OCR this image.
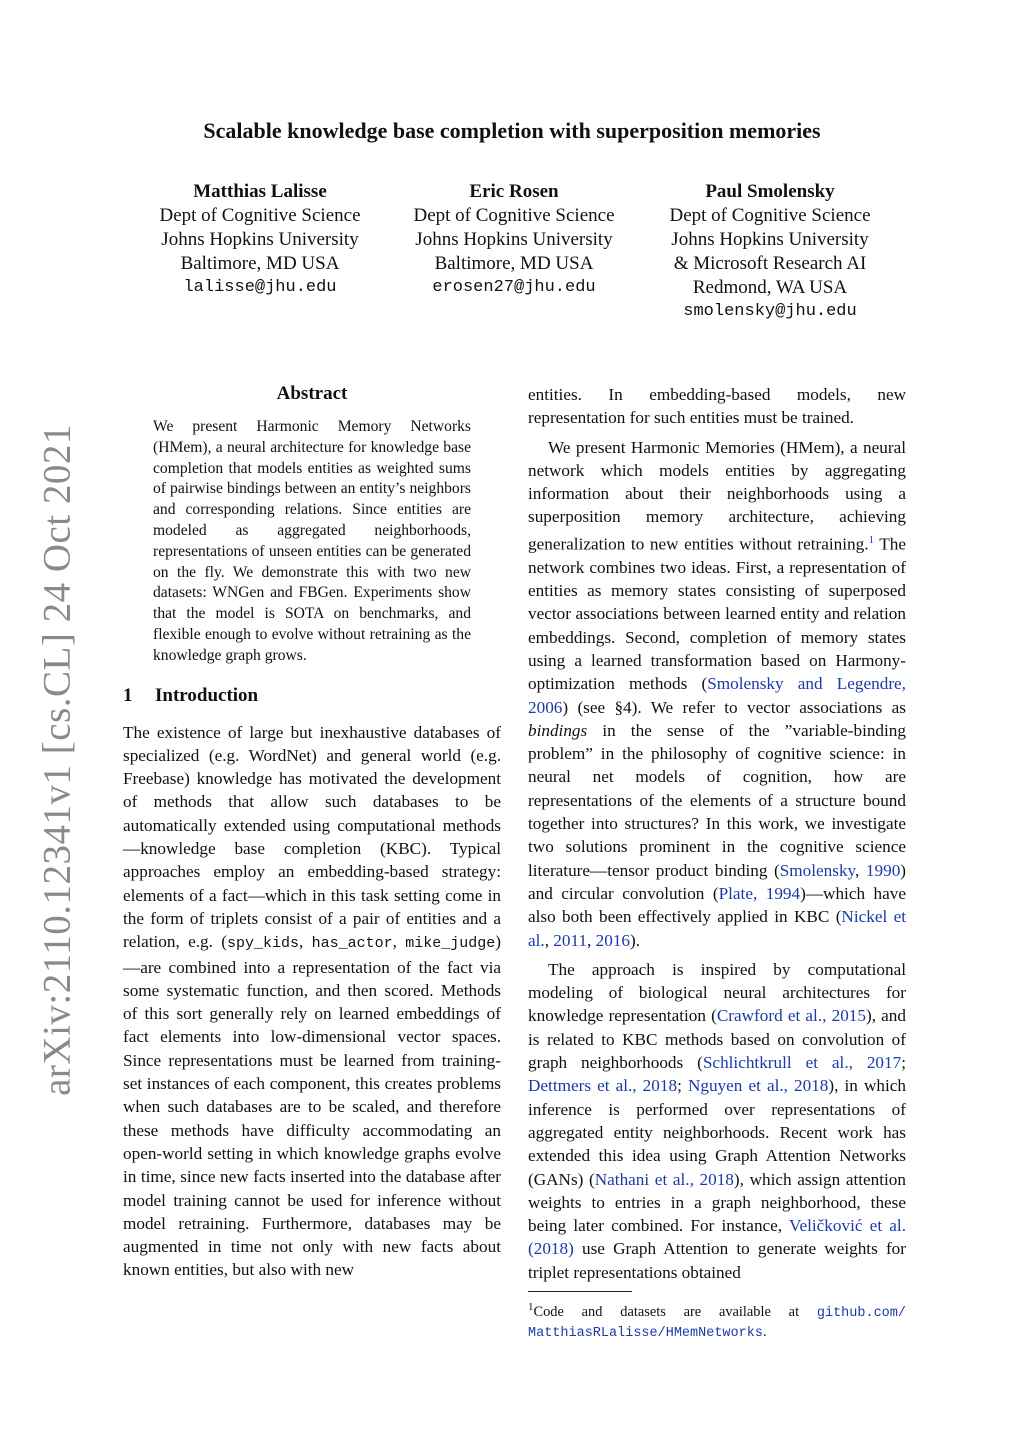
arXiv:2110.12341v1 [cs.CL] 24 Oct 2021
Scalable knowledge base completion with superposition memories
Matthias Lalisse
Dept of Cognitive Science
Johns Hopkins University
Baltimore, MD USA
lalisse@jhu.edu
Eric Rosen
Dept of Cognitive Science
Johns Hopkins University
Baltimore, MD USA
erosen27@jhu.edu
Paul Smolensky
Dept of Cognitive Science
Johns Hopkins University
& Microsoft Research AI
Redmond, WA USA
smolensky@jhu.edu
Abstract
We present Harmonic Memory Networks (HMem), a neural architecture for knowledge base completion that models entities as weighted sums of pairwise bindings between an entity’s neighbors and corresponding relations. Since entities are modeled as aggregated neighborhoods, representations of unseen entities can be generated on the fly. We demonstrate this with two new datasets: WNGen and FBGen. Experiments show that the model is SOTA on benchmarks, and flexible enough to evolve without retraining as the knowledge graph grows.
1 Introduction

The existence of large but inexhaustive databases of specialized (e.g. WordNet) and general world (e.g. Freebase) knowledge has motivated the development of methods that allow such databases to be automatically extended using computational methods—knowledge base completion (KBC). Typical approaches employ an embedding-based strategy: elements of a fact—which in this task setting come in the form of triplets consist of a pair of entities and a relation, e.g. (spy_kids, has_actor, mike_judge)—are combined into a representation of the fact via some systematic function, and then scored. Methods of this sort generally rely on learned embeddings of fact elements into low-dimensional vector spaces. Since representations must be learned from training-set instances of each component, this creates problems when such databases are to be scaled, and therefore these methods have difficulty accommodating an open-world setting in which knowledge graphs evolve in time, since new facts inserted into the database after model training cannot be used for inference without model retraining. Furthermore, databases may be augmented in time not only with new facts about known entities, but also with new

entities. In embedding-based models, new representation for such entities must be trained.

We present Harmonic Memories (HMem), a neural network which models entities by aggregating information about their neighborhoods using a superposition memory architecture, achieving generalization to new entities without retraining.$^1$ The network combines two ideas. First, a representation of entities as memory states consisting of superposed vector associations between learned entity and relation embeddings. Second, completion of memory states using a learned transformation based on Harmony-optimization methods (Smolensky and Legendre, 2006) (see §4). We refer to vector associations as bindings in the sense of the ”variable-binding problem” in the philosophy of cognitive science: in neural net models of cognition, how are representations of the elements of a structure bound together into structures? In this work, we investigate two solutions prominent in the cognitive science literature—tensor product binding (Smolensky, 1990) and circular convolution (Plate, 1994)—which have also both been effectively applied in KBC (Nickel et al., 2011, 2016).

The approach is inspired by computational modeling of biological neural architectures for knowledge representation (Crawford et al., 2015), and is related to KBC methods based on convolution of graph neighborhoods (Schlichtkrull et al., 2017; Dettmers et al., 2018; Nguyen et al., 2018), in which inference is performed over representations of aggregated entity neighborhoods. Recent work has extended this idea using Graph Attention Networks (GANs) (Nathani et al., 2018), which assign attention weights to entries in a graph neighborhood, these being later combined. For instance, Veličković et al. (2018) use Graph Attention to generate weights for triplet representations obtained

$^1$Code and datasets are available at github.com/ MatthiasRLalisse/HMemNetworks.
